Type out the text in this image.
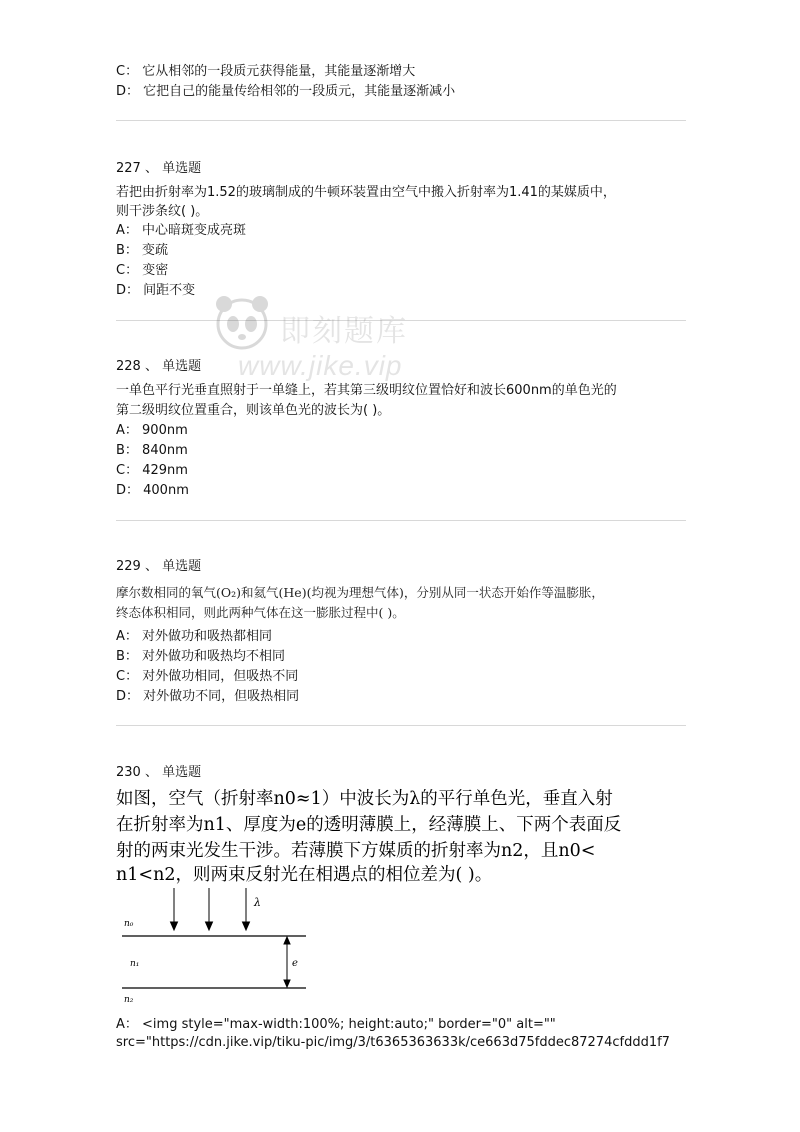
C： 它从相邻的一段质元获得能量，其能量逐渐增大
D： 它把自己的能量传给相邻的一段质元，其能量逐渐减小
227 、 单选题
若把由折射率为1.52的玻璃制成的牛顿环装置由空气中搬入折射率为1.41的某媒质中，
则干涉条纹( )。
A： 中心暗斑变成亮斑
B： 变疏
C： 变密
D： 间距不变
228 、 单选题
一单色平行光垂直照射于一单缝上，若其第三级明纹位置恰好和波长600nm的单色光的
第二级明纹位置重合，则该单色光的波长为( )。
A： 900nm
B： 840nm
C： 429nm
D： 400nm
229 、 单选题
摩尔数相同的氧气(O₂)和氦气(He)(均视为理想气体)，分别从同一状态开始作等温膨胀，
终态体积相同，则此两种气体在这一膨胀过程中( )。
A： 对外做功和吸热都相同
B： 对外做功和吸热均不相同
C： 对外做功相同，但吸热不同
D： 对外做功不同，但吸热相同
230 、 单选题
如图，空气（折射率n0≈1）中波长为λ的平行单色光，垂直入射
在折射率为n1、厚度为e的透明薄膜上，经薄膜上、下两个表面反
射的两束光发生干涉。若薄膜下方媒质的折射率为n2，且n0<
n1<n2，则两束反射光在相遇点的相位差为( )。
n₀
n₁
n₂
λ
e
A： <img style="max-width:100%; height:auto;" border="0" alt=""
src="https://cdn.jike.vip/tiku-pic/img/3/t6365363633k/ce663d75fddec87274cfddd1f7
即刻题库
www.jike.vip
